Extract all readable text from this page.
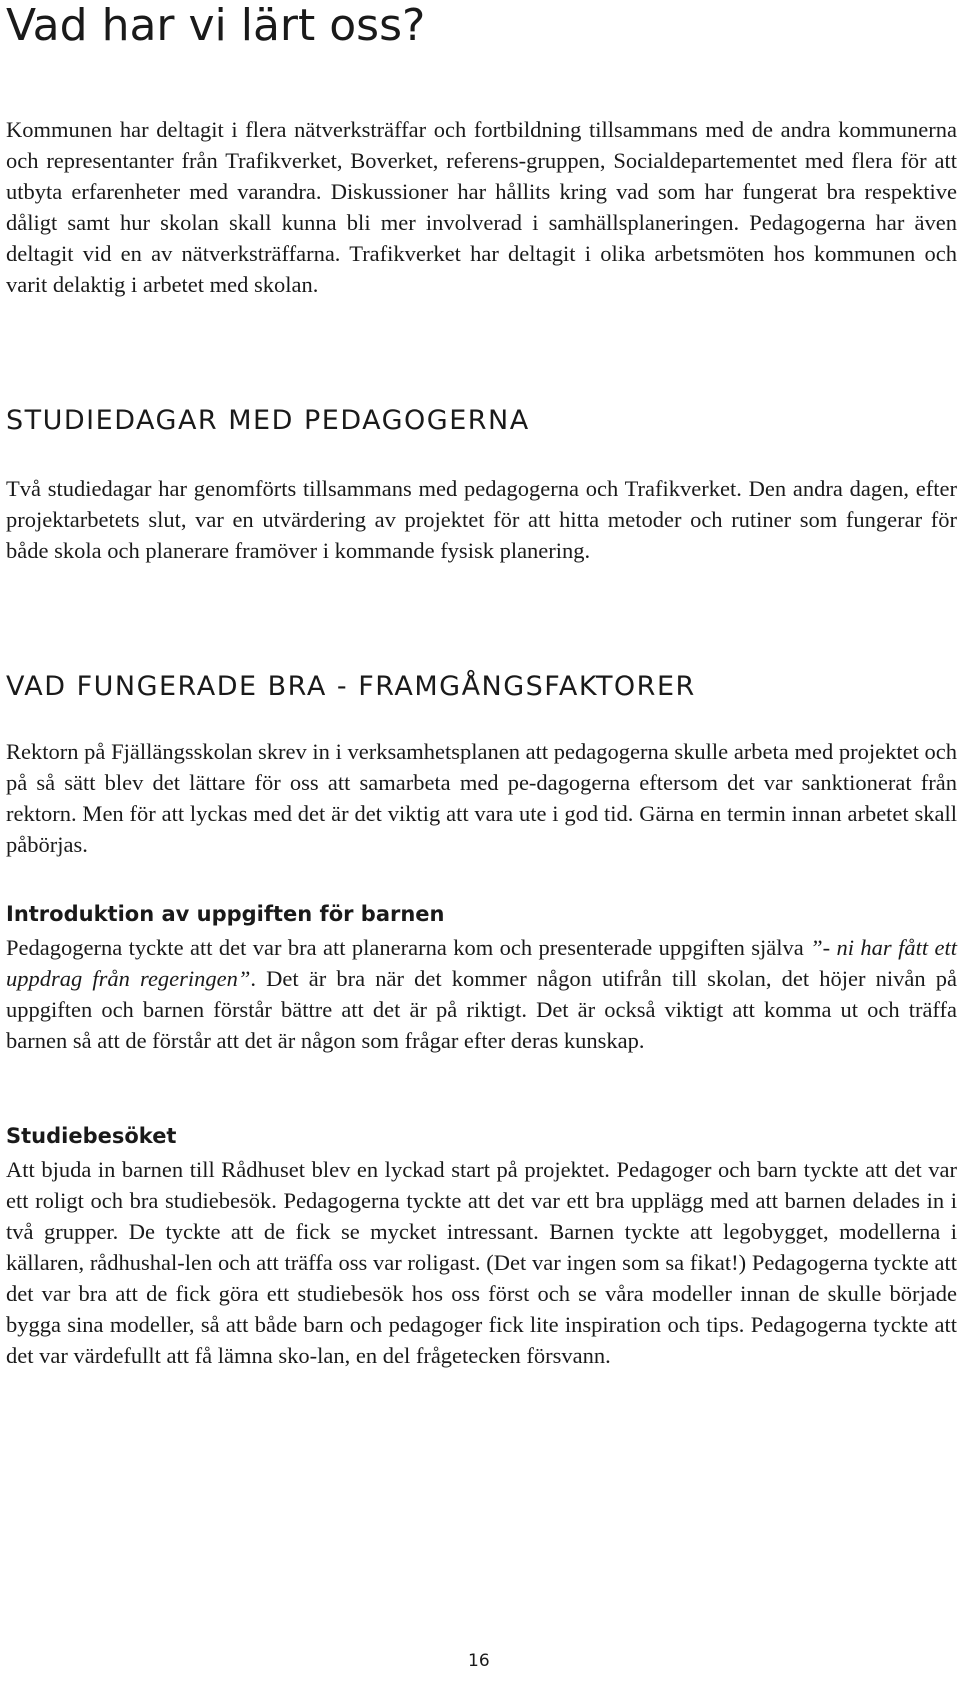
Vad har vi lärt oss?

Kommunen har deltagit i flera nätverksträffar och fortbildning tillsammans med de andra kommunerna och representanter från Trafikverket, Boverket, referens-gruppen, Socialdepartementet med flera för att utbyta erfarenheter med varandra. Diskussioner har hållits kring vad som har fungerat bra respektive dåligt samt hur skolan skall kunna bli mer involverad i samhällsplaneringen. Pedagogerna har även deltagit vid en av nätverksträffarna. Trafikverket har deltagit i olika arbetsmöten hos kommunen och varit delaktig i arbetet med skolan.

STUDIEDAGAR MED PEDAGOGERNA

Två studiedagar har genomförts tillsammans med pedagogerna och Trafikverket. Den andra dagen, efter projektarbetets slut, var en utvärdering av projektet för att hitta metoder och rutiner som fungerar för både skola och planerare framöver i kommande fysisk planering.

VAD FUNGERADE BRA - FRAMGÅNGSFAKTORER

Rektorn på Fjällängsskolan skrev in i verksamhetsplanen att pedagogerna skulle arbeta med projektet och på så sätt blev det lättare för oss att samarbeta med pe-dagogerna eftersom det var sanktionerat från rektorn. Men för att lyckas med det är det viktig att vara ute i god tid. Gärna en termin innan arbetet skall påbörjas.

Introduktion av uppgiften för barnen

Pedagogerna tyckte att det var bra att planerarna kom och presenterade uppgiften själva ”- ni har fått ett uppdrag från regeringen”. Det är bra när det kommer någon utifrån till skolan, det höjer nivån på uppgiften och barnen förstår bättre att det är på riktigt. Det är också viktigt att komma ut och träffa barnen så att de förstår att det är någon som frågar efter deras kunskap.

Studiebesöket

Att bjuda in barnen till Rådhuset blev en lyckad start på projektet. Pedagoger och barn tyckte att det var ett roligt och bra studiebesök. Pedagogerna tyckte att det var ett bra upplägg med att barnen delades in i två grupper. De tyckte att de fick se mycket intressant. Barnen tyckte att legobygget, modellerna i källaren, rådhushal-len och att träffa oss var roligast. (Det var ingen som sa fikat!) Pedagogerna tyckte att det var bra att de fick göra ett studiebesök hos oss först och se våra modeller innan de skulle började bygga sina modeller, så att både barn och pedagoger fick lite inspiration och tips. Pedagogerna tyckte att det var värdefullt att få lämna sko-lan, en del frågetecken försvann.

16
